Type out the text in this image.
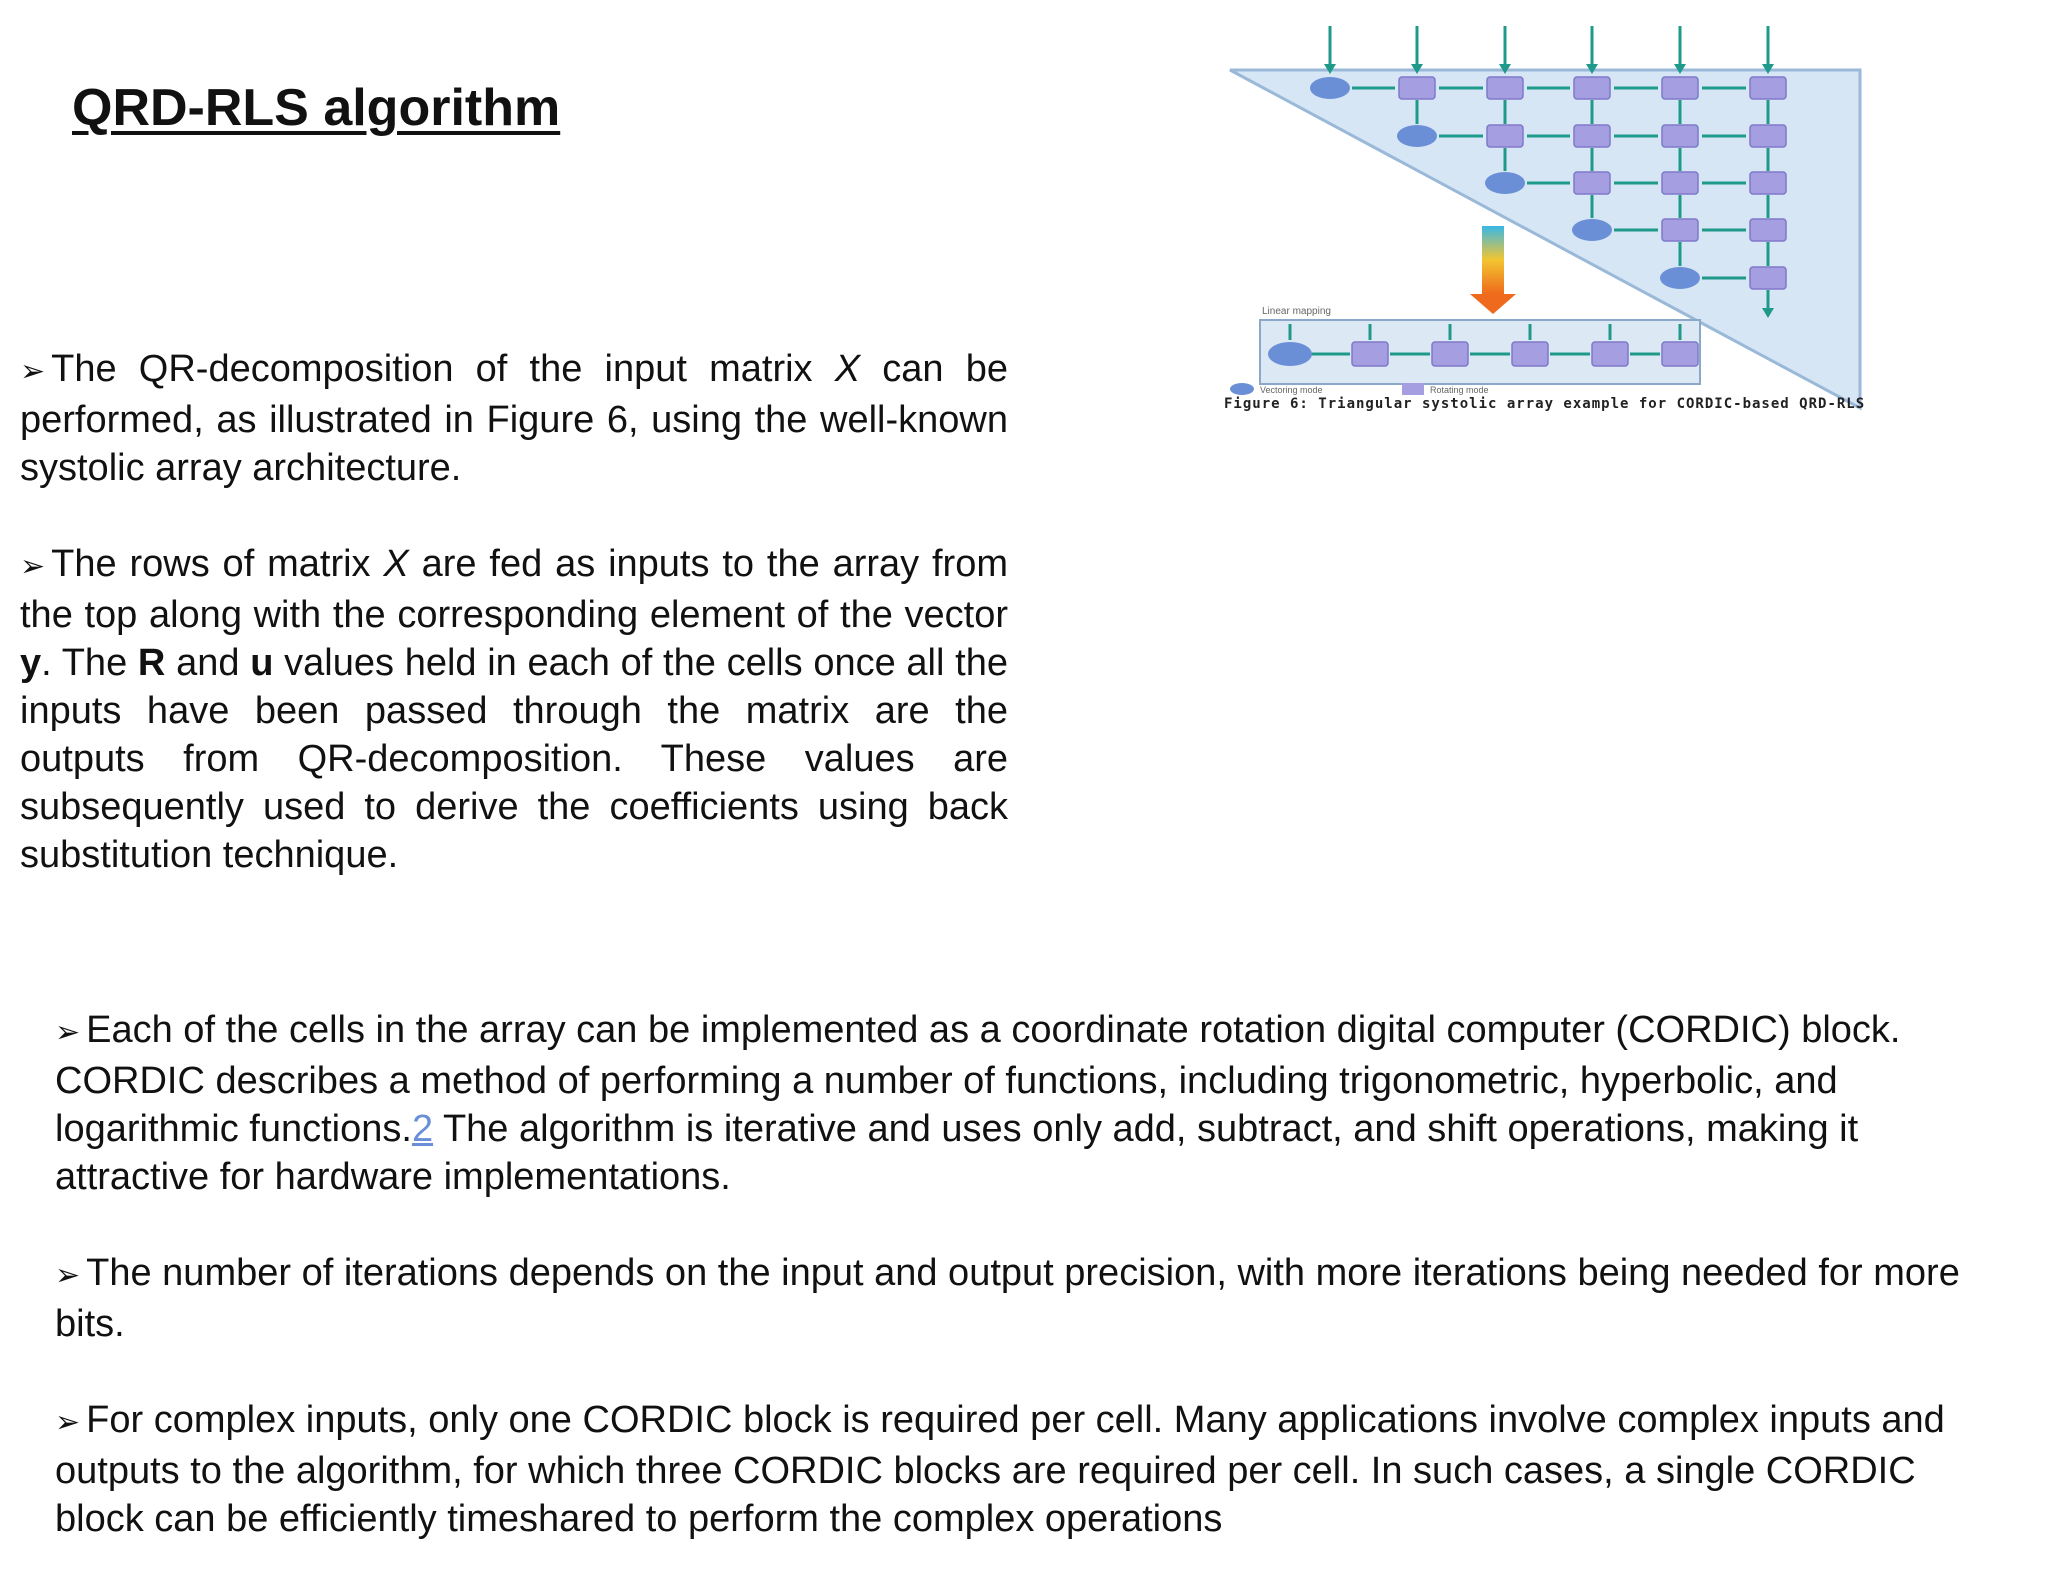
QRD-RLS algorithm

➢ The QR-decomposition of the input matrix X can be performed, as illustrated in Figure 6, using the well-known systolic array architecture.

➢ The rows of matrix X are fed as inputs to the array from the top along with the corresponding element of the vector y. The R and u values held in each of the cells once all the inputs have been passed through the matrix are the outputs from QR-decomposition. These values are subsequently used to derive the coefficients using back substitution technique.

Linear mapping
Vectoring mode	Rotating mode

Figure 6: Triangular systolic array example for CORDIC-based QRD-RLS

➢ Each of the cells in the array can be implemented as a coordinate rotation digital computer (CORDIC) block. CORDIC describes a method of performing a number of functions, including trigonometric, hyperbolic, and logarithmic functions.2 The algorithm is iterative and uses only add, subtract, and shift operations, making it attractive for hardware implementations.

➢ The number of iterations depends on the input and output precision, with more iterations being needed for more bits.

➢ For complex inputs, only one CORDIC block is required per cell. Many applications involve complex inputs and outputs to the algorithm, for which three CORDIC blocks are required per cell. In such cases, a single CORDIC block can be efficiently timeshared to perform the complex operations
